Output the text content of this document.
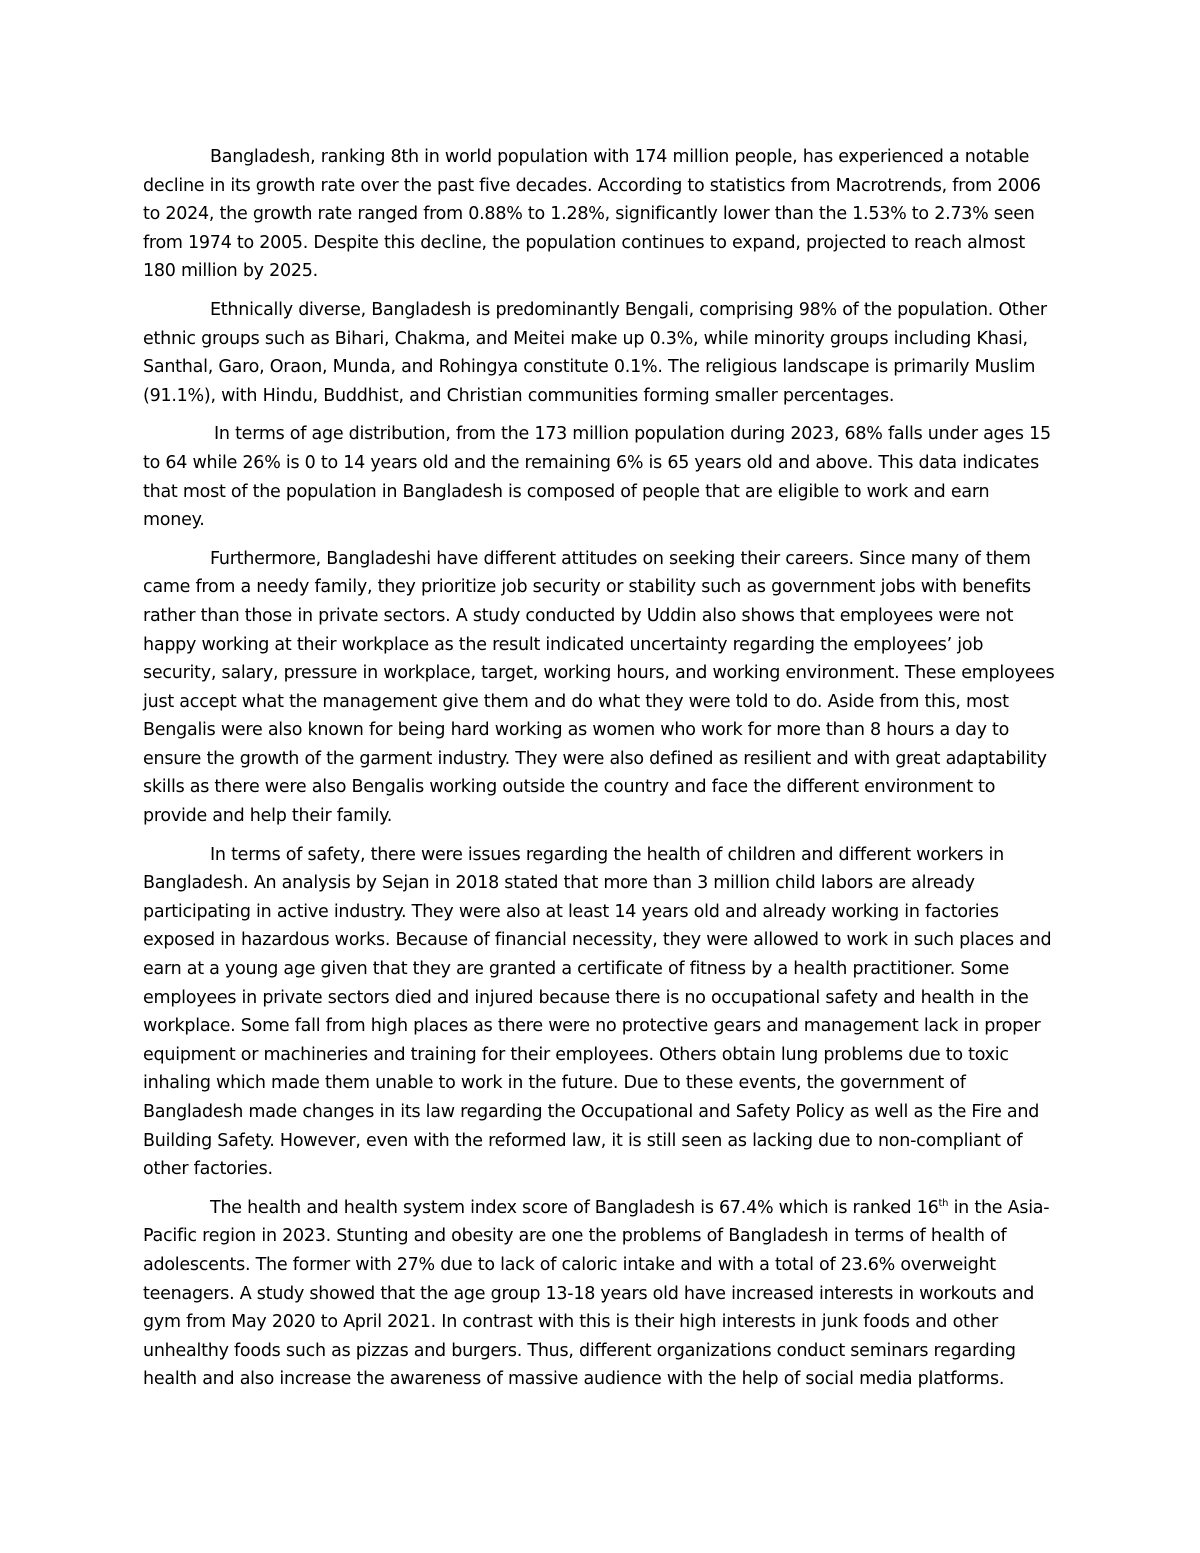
Bangladesh, ranking 8th in world population with 174 million people, has experienced a notable decline in its growth rate over the past five decades. According to statistics from Macrotrends, from 2006 to 2024, the growth rate ranged from 0.88% to 1.28%, significantly lower than the 1.53% to 2.73% seen from 1974 to 2005. Despite this decline, the population continues to expand, projected to reach almost 180 million by 2025.

Ethnically diverse, Bangladesh is predominantly Bengali, comprising 98% of the population. Other ethnic groups such as Bihari, Chakma, and Meitei make up 0.3%, while minority groups including Khasi, Santhal, Garo, Oraon, Munda, and Rohingya constitute 0.1%. The religious landscape is primarily Muslim (91.1%), with Hindu, Buddhist, and Christian communities forming smaller percentages.

In terms of age distribution, from the 173 million population during 2023, 68% falls under ages 15 to 64 while 26% is 0 to 14 years old and the remaining 6% is 65 years old and above. This data indicates that most of the population in Bangladesh is composed of people that are eligible to work and earn money.

Furthermore, Bangladeshi have different attitudes on seeking their careers. Since many of them came from a needy family, they prioritize job security or stability such as government jobs with benefits rather than those in private sectors. A study conducted by Uddin also shows that employees were not happy working at their workplace as the result indicated uncertainty regarding the employees’ job security, salary, pressure in workplace, target, working hours, and working environment. These employees just accept what the management give them and do what they were told to do. Aside from this, most Bengalis were also known for being hard working as women who work for more than 8 hours a day to ensure the growth of the garment industry. They were also defined as resilient and with great adaptability skills as there were also Bengalis working outside the country and face the different environment to provide and help their family.

In terms of safety, there were issues regarding the health of children and different workers in Bangladesh. An analysis by Sejan in 2018 stated that more than 3 million child labors are already participating in active industry. They were also at least 14 years old and already working in factories exposed in hazardous works. Because of financial necessity, they were allowed to work in such places and earn at a young age given that they are granted a certificate of fitness by a health practitioner. Some employees in private sectors died and injured because there is no occupational safety and health in the workplace. Some fall from high places as there were no protective gears and management lack in proper equipment or machineries and training for their employees. Others obtain lung problems due to toxic inhaling which made them unable to work in the future. Due to these events, the government of Bangladesh made changes in its law regarding the Occupational and Safety Policy as well as the Fire and Building Safety. However, even with the reformed law, it is still seen as lacking due to non-compliant of other factories.

The health and health system index score of Bangladesh is 67.4% which is ranked 16th in the Asia-Pacific region in 2023. Stunting and obesity are one the problems of Bangladesh in terms of health of adolescents. The former with 27% due to lack of caloric intake and with a total of 23.6% overweight teenagers. A study showed that the age group 13-18 years old have increased interests in workouts and gym from May 2020 to April 2021. In contrast with this is their high interests in junk foods and other unhealthy foods such as pizzas and burgers. Thus, different organizations conduct seminars regarding health and also increase the awareness of massive audience with the help of social media platforms.
